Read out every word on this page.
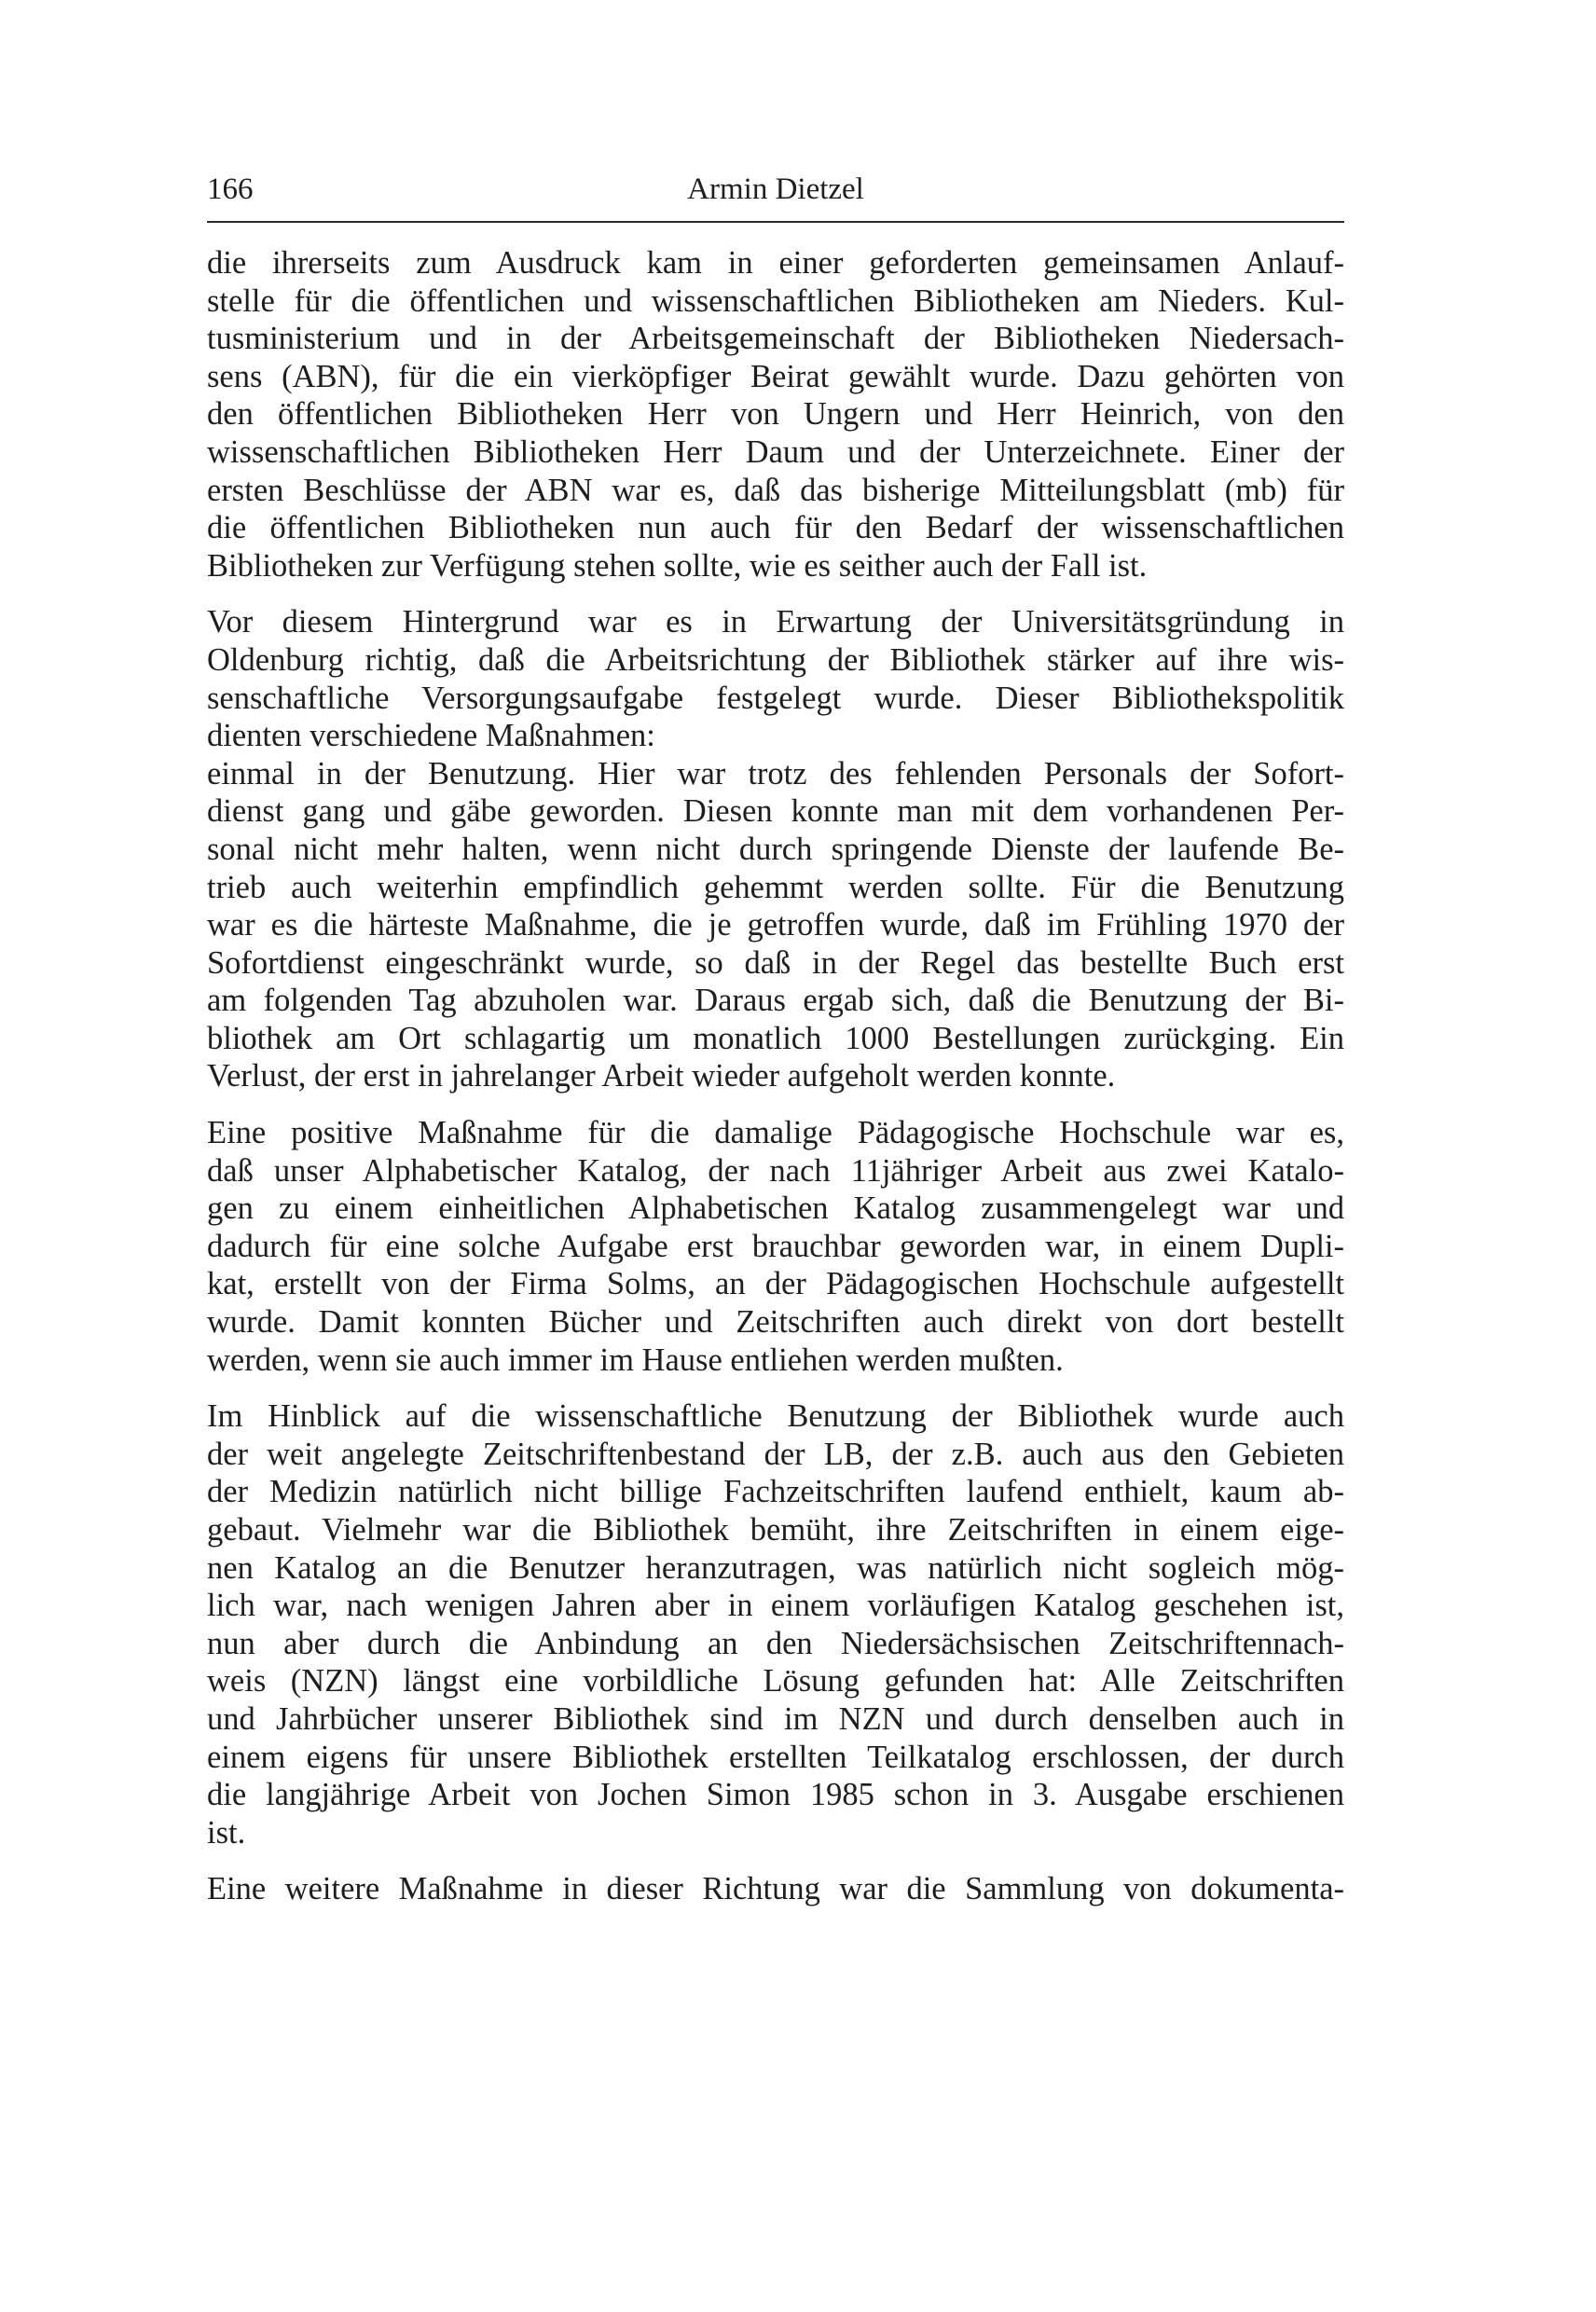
166	Armin Dietzel
die ihrerseits zum Ausdruck kam in einer geforderten gemeinsamen Anlauf-
stelle für die öffentlichen und wissenschaftlichen Bibliotheken am Nieders. Kul-
tusministerium und in der Arbeitsgemeinschaft der Bibliotheken Niedersach-
sens (ABN), für die ein vierköpfiger Beirat gewählt wurde. Dazu gehörten von
den öffentlichen Bibliotheken Herr von Ungern und Herr Heinrich, von den
wissenschaftlichen Bibliotheken Herr Daum und der Unterzeichnete. Einer der
ersten Beschlüsse der ABN war es, daß das bisherige Mitteilungsblatt (mb) für
die öffentlichen Bibliotheken nun auch für den Bedarf der wissenschaftlichen
Bibliotheken zur Verfügung stehen sollte, wie es seither auch der Fall ist.
Vor diesem Hintergrund war es in Erwartung der Universitätsgründung in
Oldenburg richtig, daß die Arbeitsrichtung der Bibliothek stärker auf ihre wis-
senschaftliche Versorgungsaufgabe festgelegt wurde. Dieser Bibliothekspolitik
dienten verschiedene Maßnahmen:
einmal in der Benutzung. Hier war trotz des fehlenden Personals der Sofort-
dienst gang und gäbe geworden. Diesen konnte man mit dem vorhandenen Per-
sonal nicht mehr halten, wenn nicht durch springende Dienste der laufende Be-
trieb auch weiterhin empfindlich gehemmt werden sollte. Für die Benutzung
war es die härteste Maßnahme, die je getroffen wurde, daß im Frühling 1970 der
Sofortdienst eingeschränkt wurde, so daß in der Regel das bestellte Buch erst
am folgenden Tag abzuholen war. Daraus ergab sich, daß die Benutzung der Bi-
bliothek am Ort schlagartig um monatlich 1000 Bestellungen zurückging. Ein
Verlust, der erst in jahrelanger Arbeit wieder aufgeholt werden konnte.
Eine positive Maßnahme für die damalige Pädagogische Hochschule war es,
daß unser Alphabetischer Katalog, der nach 11jähriger Arbeit aus zwei Katalo-
gen zu einem einheitlichen Alphabetischen Katalog zusammengelegt war und
dadurch für eine solche Aufgabe erst brauchbar geworden war, in einem Dupli-
kat, erstellt von der Firma Solms, an der Pädagogischen Hochschule aufgestellt
wurde. Damit konnten Bücher und Zeitschriften auch direkt von dort bestellt
werden, wenn sie auch immer im Hause entliehen werden mußten.
Im Hinblick auf die wissenschaftliche Benutzung der Bibliothek wurde auch
der weit angelegte Zeitschriftenbestand der LB, der z.B. auch aus den Gebieten
der Medizin natürlich nicht billige Fachzeitschriften laufend enthielt, kaum ab-
gebaut. Vielmehr war die Bibliothek bemüht, ihre Zeitschriften in einem eige-
nen Katalog an die Benutzer heranzutragen, was natürlich nicht sogleich mög-
lich war, nach wenigen Jahren aber in einem vorläufigen Katalog geschehen ist,
nun aber durch die Anbindung an den Niedersächsischen Zeitschriftennach-
weis (NZN) längst eine vorbildliche Lösung gefunden hat: Alle Zeitschriften
und Jahrbücher unserer Bibliothek sind im NZN und durch denselben auch in
einem eigens für unsere Bibliothek erstellten Teilkatalog erschlossen, der durch
die langjährige Arbeit von Jochen Simon 1985 schon in 3. Ausgabe erschienen
ist.
Eine weitere Maßnahme in dieser Richtung war die Sammlung von dokumenta-
